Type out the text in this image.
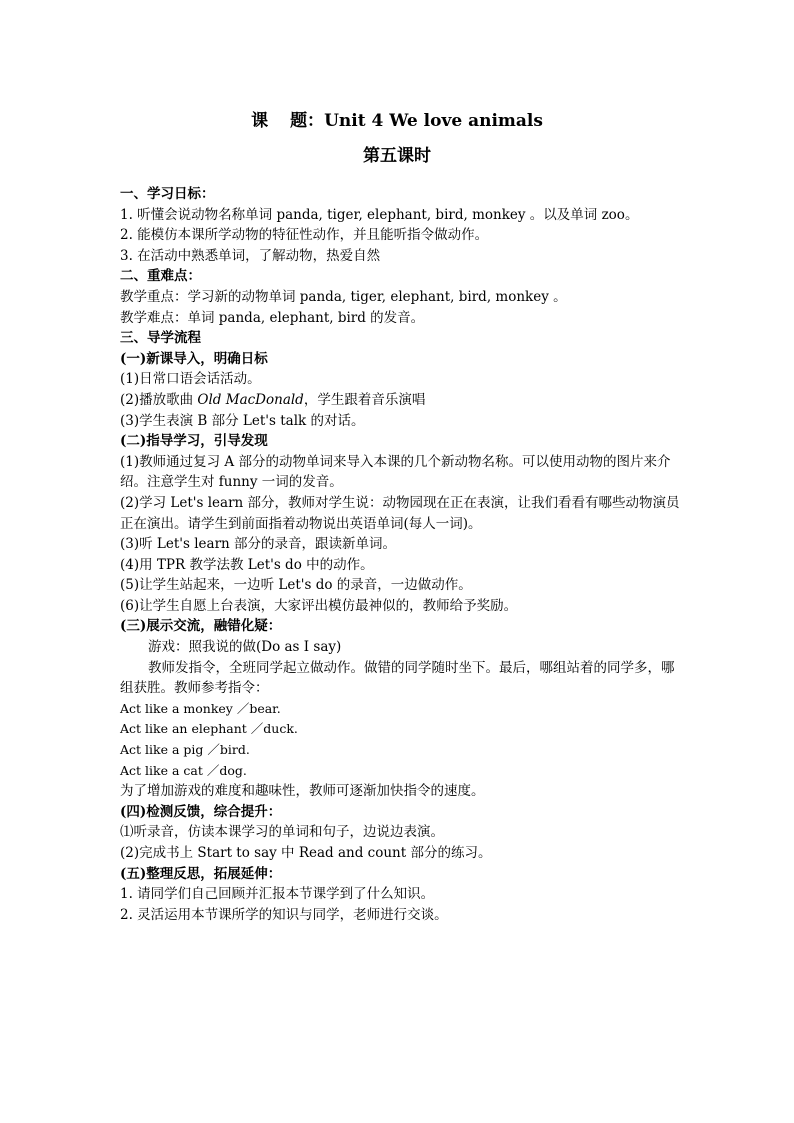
课 题：Unit 4 We love animals
第五课时
一、学习日标：
1. 听懂会说动物名称单词 panda, tiger, elephant, bird, monkey 。以及单词 zoo。
2. 能模仿本课所学动物的特征性动作，并且能听指令做动作。
3. 在活动中熟悉单词，了解动物，热爱自然
二、重难点：
教学重点：学习新的动物单词 panda, tiger, elephant, bird, monkey 。
教学难点：单词 panda, elephant, bird 的发音。
三、导学流程
(一)新课导入，明确日标
(1)日常口语会话活动。
(2)播放歌曲 Old MacDonald，学生跟着音乐演唱
(3)学生表演 B 部分 Let's talk 的对话。
(二)指导学习，引导发现
(1)教师通过复习 A 部分的动物单词来导入本课的几个新动物名称。可以使用动物的图片来介绍。注意学生对 funny 一词的发音。
(2)学习 Let's learn 部分，教师对学生说：动物园现在正在表演，让我们看看有哪些动物演员正在演出。请学生到前面指着动物说出英语单词(每人一词)。
(3)听 Let's learn 部分的录音，跟读新单词。
(4)用 TPR 教学法教 Let's do 中的动作。
(5)让学生站起来，一边听 Let's do 的录音，一边做动作。
(6)让学生自愿上台表演，大家评出模仿最神似的，教师给予奖励。
(三)展示交流，融错化疑：
游戏：照我说的做(Do as I say)
教师发指令，全班同学起立做动作。做错的同学随时坐下。最后，哪组站着的同学多，哪组获胜。教师参考指令：
Act like a monkey ／bear.
Act like an elephant ／duck.
Act like a pig ／bird.
Act like a cat ／dog.
为了增加游戏的难度和趣味性，教师可逐渐加快指令的速度。
(四)检测反馈，综合提升：
⑴听录音，仿读本课学习的单词和句子，边说边表演。
(2)完成书上 Start to say 中 Read and count 部分的练习。
(五)整理反思，拓展延伸：
1. 请同学们自己回顾并汇报本节课学到了什么知识。
2. 灵活运用本节课所学的知识与同学，老师进行交谈。
